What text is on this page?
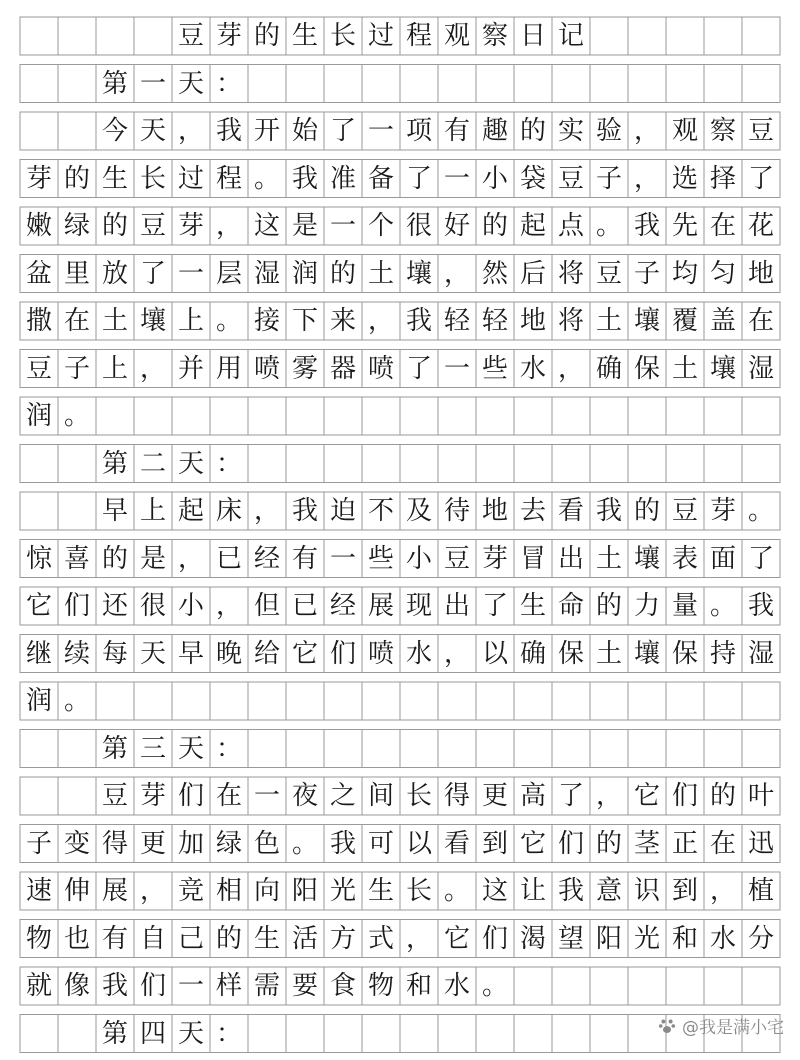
豆 芽 的 生 长 过 程 观 察 日 记
第 一 天 ：
今 天 ， 我 开 始 了 一 项 有 趣 的 实 验 ， 观 察 豆
芽 的 生 长 过 程 。 我 准 备 了 一 小 袋 豆 子 ， 选 择 了
嫩 绿 的 豆 芽 ， 这 是 一 个 很 好 的 起 点 。 我 先 在 花
盆 里 放 了 一 层 湿 润 的 土 壤 ， 然 后 将 豆 子 均 匀 地
撒 在 土 壤 上 。 接 下 来 ， 我 轻 轻 地 将 土 壤 覆 盖 在
豆 子 上 ， 并 用 喷 雾 器 喷 了 一 些 水 ， 确 保 土 壤 湿
润 。
第 二 天 ：
早 上 起 床 ， 我 迫 不 及 待 地 去 看 我 的 豆 芽 。
惊 喜 的 是 ， 已 经 有 一 些 小 豆 芽 冒 出 土 壤 表 面 了
它 们 还 很 小 ， 但 已 经 展 现 出 了 生 命 的 力 量 。 我
继 续 每 天 早 晚 给 它 们 喷 水 ， 以 确 保 土 壤 保 持 湿
润 。
第 三 天 ：
豆 芽 们 在 一 夜 之 间 长 得 更 高 了 ， 它 们 的 叶
子 变 得 更 加 绿 色 。 我 可 以 看 到 它 们 的 茎 正 在 迅
速 伸 展 ， 竞 相 向 阳 光 生 长 。 这 让 我 意 识 到 ， 植
物 也 有 自 己 的 生 活 方 式 ， 它 们 渴 望 阳 光 和 水 分
就 像 我 们 一 样 需 要 食 物 和 水 。
第 四 天 ：	@我是满小宅
